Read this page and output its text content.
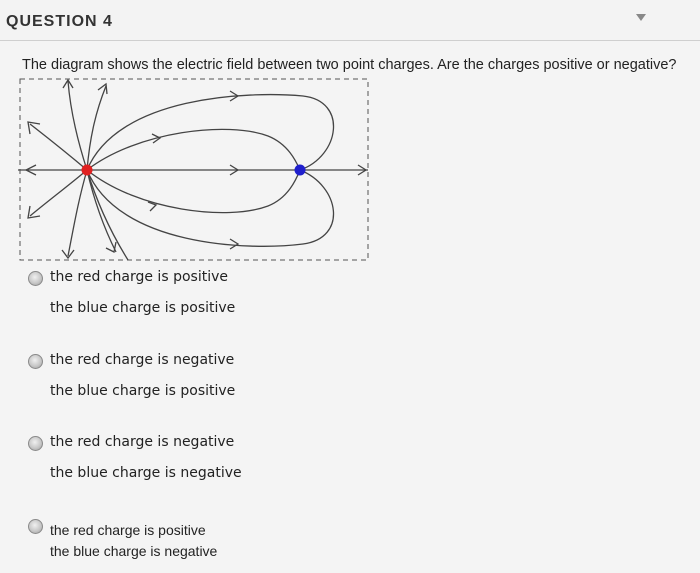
QUESTION 4
The diagram shows the electric field between two point charges. Are the charges positive or negative?
the red charge is positive
the blue charge is positive
the red charge is negative
the blue charge is positive
the red charge is negative
the blue charge is negative
the red charge is positive
the blue charge is negative
